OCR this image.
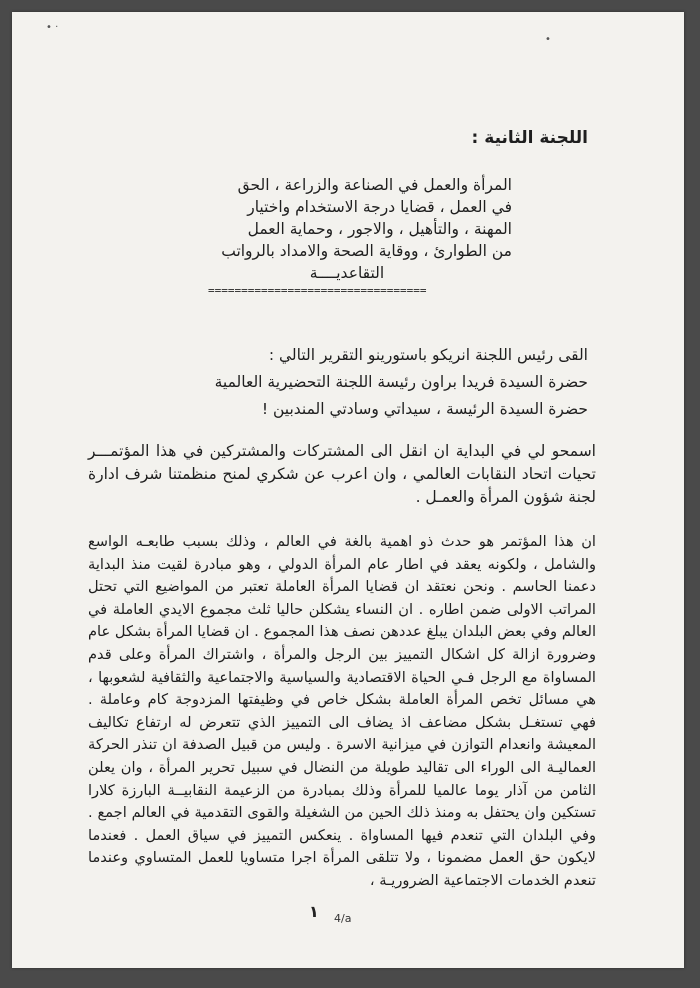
• ·
•
اللجنة الثانية :
المرأة والعمل في الصناعة والزراعة ، الحق
في العمل ، قضايا درجة الاستخدام واختيار
المهنة ، والتأهيل ، والاجور ، وحماية العمل
من الطوارئ ، ووقاية الصحة والامداد بالرواتب
التقاعديــــة
=================================
القى رئيس اللجنة انريكو باستورينو التقرير التالي :
حضرة السيدة فريدا براون رئيسة اللجنة التحضيرية العالمية
حضرة السيدة الرئيسة ، سيداتي وسادتي المندبين !
اسمحو لي في البداية ان انقل الى المشتركات والمشتركين في هذا المؤتمـــر تحيات اتحاد النقابات العالمي ، وان اعرب عن شكري لمنح منظمتنا شرف ادارة لجنة شؤون المرأة والعمـل .
ان هذا المؤتمر هو حدث ذو اهمية بالغة في العالم ، وذلك بسبب طابعـه الواسع والشامل ، ولكونه يعقد في اطار عام المرأة الدولي ، وهو مبادرة لقيت منذ البداية دعمنا الحاسم . ونحن نعتقد ان قضايا المرأة العاملة تعتبر من المواضيع التي تحتل المراتب الاولى ضمن اطاره . ان النساء يشكلن حاليا ثلث مجموع الايدي العاملة في العالم وفي بعض البلدان يبلغ عددهن نصف هذا المجموع . ان قضايا المرأة بشكل عام وضرورة ازالة كل اشكال التمييز بين الرجل والمرأة ، واشتراك المرأة وعلى قدم المساواة مع الرجل فـي الحياة الاقتصادية والسياسية والاجتماعية والثقافية لشعوبها ، هي مسائل تخص المرأة العاملة بشكل خاص في وظيفتها المزدوجة كام وعاملة . فهي تستغـل بشكل مضاعف اذ يضاف الى التمييز الذي تتعرض له ارتفاع تكاليف المعيشة وانعدام التوازن في ميزانية الاسرة . وليس من قبيل الصدفة ان تنذر الحركة العماليـة الى الوراء الى تقاليد طويلة من النضال في سبيل تحرير المرأة ، وان يعلن الثامن من آذار يوما عالميا للمرأة وذلك بمبادرة من الزعيمة النقابيــة البارزة كلارا تستكين وان يحتفل به ومنذ ذلك الحين من الشغيلة والقوى التقدمية في العالم اجمع . وفي البلدان التي تنعدم فيها المساواة . ينعكس التمييز في سياق العمل . فعندما لايكون حق العمل مضمونا ، ولا تتلقى المرأة اجرا متساويا للعمل المتساوي وعندما تنعدم الخدمات الاجتماعية الضروريـة ،
١ 4/a
